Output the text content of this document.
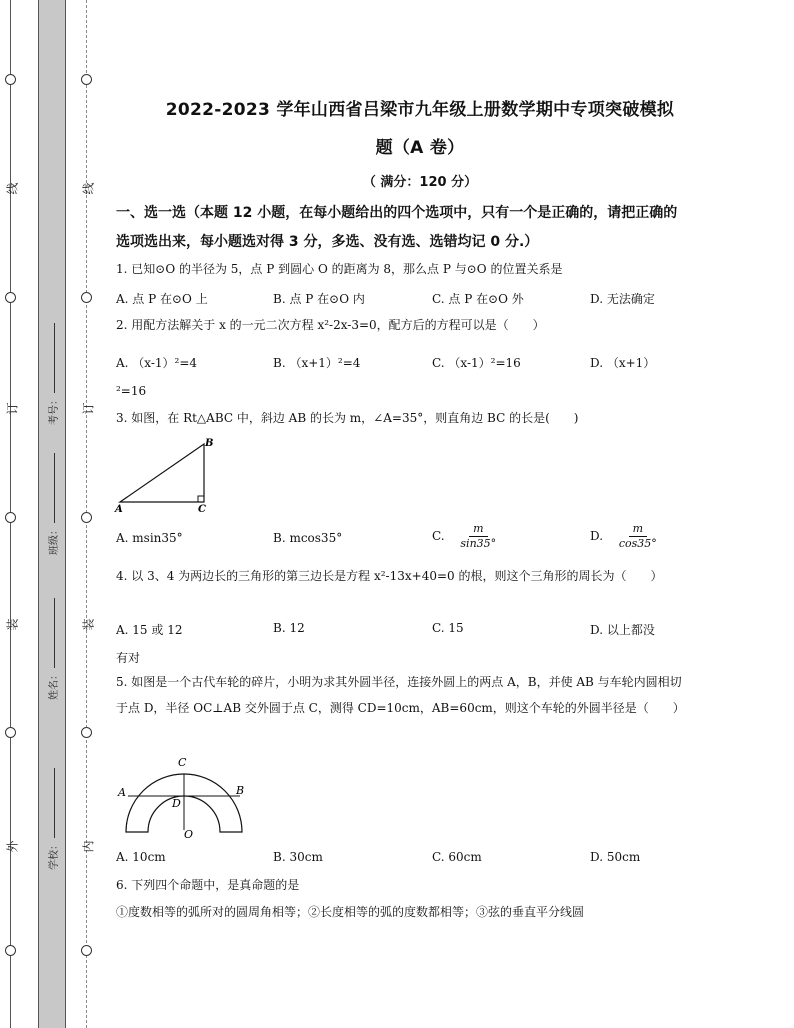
线
订
装
外
线
订
装
内
考号：
班级：
姓名：
学校：
2022-2023 学年山西省吕梁市九年级上册数学期中专项突破模拟
题（A 卷）
（ 满分：120 分）
一、选一选（本题 12 小题，在每小题给出的四个选项中，只有一个是正确的，请把正确的选项选出来，每小题选对得 3 分，多选、没有选、选错均记 0 分.）
1. 已知⊙O 的半径为 5，点 P 到圆心 O 的距离为 8，那么点 P 与⊙O 的位置关系是
A. 点 P 在⊙O 上	B. 点 P 在⊙O 内	C. 点 P 在⊙O 外	D. 无法确定
2. 用配方法解关于 x 的一元二次方程 x²-2x-3=0，配方后的方程可以是（　　）
A. （x-1）²=4	B. （x+1）²=4	C. （x-1）²=16	D. （x+1）
²=16
3. 如图，在 Rt△ABC 中，斜边 AB 的长为 m，∠A=35°，则直角边 BC 的长是(　　)
B
A	C
A. msin35°	B. mcos35°	C. $\frac{m}{\sin 35^\circ}$	D. $\frac{m}{\cos 35^\circ}$
4. 以 3、4 为两边长的三角形的第三边长是方程 x²-13x+40=0 的根，则这个三角形的周长为（　　）
A. 15 或 12	B. 12	C. 15	D. 以上都没
有对
5. 如图是一个古代车轮的碎片，小明为求其外圆半径，连接外圆上的两点 A，B，并使 AB 与车轮内圆相切于点 D，半径 OC⊥AB 交外圆于点 C，测得 CD=10cm，AB=60cm，则这个车轮的外圆半径是（　　）
C
A	B
D
O
A. 10cm	B. 30cm	C. 60cm	D. 50cm
6. 下列四个命题中，是真命题的是
①度数相等的弧所对的圆周角相等；②长度相等的弧的度数都相等；③弦的垂直平分线圆
